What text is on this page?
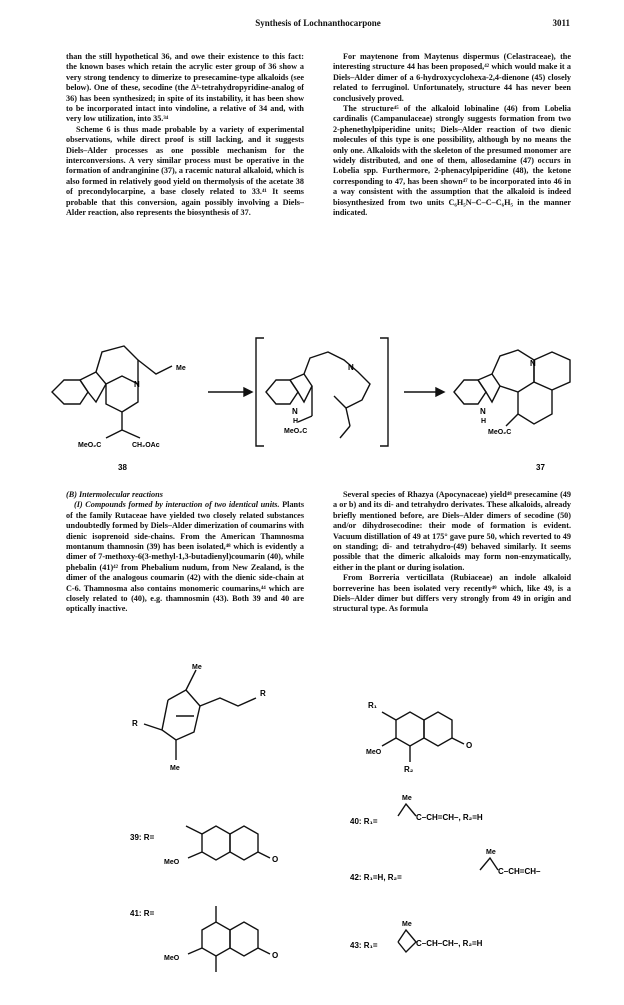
Synthesis of Lochnanthocarpone	3011

than the still hypothetical 36, and owe their existence to this fact: the known bases which retain the acrylic ester group of 36 show a very strong tendency to dimerize to presecamine-type alkaloids (see below). One of these, secodine (the Δ³-tetrahydropyridine-analog of 36) has been synthesized; in spite of its instability, it has been show to be incorporated intact into vindoline, a relative of 34 and, with very low utilization, into 35.³⁴

Scheme 6 is thus made probable by a variety of experimental observations, while direct proof is still lacking, and it suggests Diels–Alder processes as one possible mechanism for the interconversions. A very similar process must be operative in the formation of andranginine (37), a racemic natural alkaloid, which is also formed in relatively good yield on thermolysis of the acetate 38 of precondylocarpine, a base closely related to 33.⁴¹ It seems probable that this conversion, again possibly involving a Diels–Alder reaction, also represents the biosynthesis of 37.

For maytenone from Maytenus dispermus (Celastraceae), the interesting structure 44 has been proposed,⁴² which would make it a Diels–Alder dimer of a 6-hydroxycyclohexa-2,4-dienone (45) closely related to ferruginol. Unfortunately, structure 44 has never been conclusively proved.

The structure⁴⁵ of the alkaloid lobinaline (46) from Lobelia cardinalis (Campanulaceae) strongly suggests formation from two 2-phenethylpiperidine units; Diels–Alder reaction of two dienic molecules of this type is one possibility, although by no means the only one. Alkaloids with the skeleton of the presumed monomer are widely distributed, and one of them, allosedamine (47) occurs in Lobelia spp. Furthermore, 2-phenacylpiperidine (48), the ketone corresponding to 47, has been shown⁴⁷ to be incorporated into 46 in a way consistent with the assumption that the alkaloid is indeed biosynthesized from two units C₆H₅N–C–C–C₆H₅ in the manner indicated.

N
Me
MeO₂C	CH₂OAc
38
N
H
N
MeO₂C
N
H
N
MeO₂C
37

(B) Intermolecular reactions

(I) Compounds formed by interaction of two identical units. Plants of the family Rutaceae have yielded two closely related substances undoubtedly formed by Diels–Alder dimerization of coumarins with dienic isoprenoid side-chains. From the American Thamnosma montanum thamnosin (39) has been isolated,⁴⁸ which is evidently a dimer of 7-methoxy-6(3-methyl-1,3-butadienyl)coumarin (40), while phebalin (41)⁴² from Phebalium nudum, from New Zealand, is the dimer of the analogous coumarin (42) with the dienic side-chain at C-6. Thamnosma also contains monomeric coumarins,⁴⁴ which are closely related to (40), e.g. thamnosmin (43). Both 39 and 40 are optically inactive.

Several species of Rhazya (Apocynaceae) yield⁴⁸ presecamine (49 a or b) and its di- and tetrahydro derivates. These alkaloids, already briefly mentioned before, are Diels–Alder dimers of secodine (50) and/or dihydrosecodine: their mode of formation is evident. Vacuum distillation of 49 at 175° gave pure 50, which reverted to 49 on standing; di- and tetrahydro-(49) behaved similarly. It seems possible that the dimeric alkaloids may form non-enzymatically, either in the plant or during isolation.

From Borreria verticillata (Rubiaceae) an indole alkaloid borreverine has been isolated very recently⁴⁹ which, like 49, is a Diels–Alder dimer but differs very strongly from 49 in origin and structural type. As formula

Me
R
R
Me
39: R=
MeO	O
41: R=
MeO	O
R₁
MeO
O
R₂
Me
40: R₁=	C–CH=CH–, R₂=H
Me
42: R₁=H, R₂=
C–CH=CH–
Me
43: R₁=	C–CH–CH–, R₂=H
